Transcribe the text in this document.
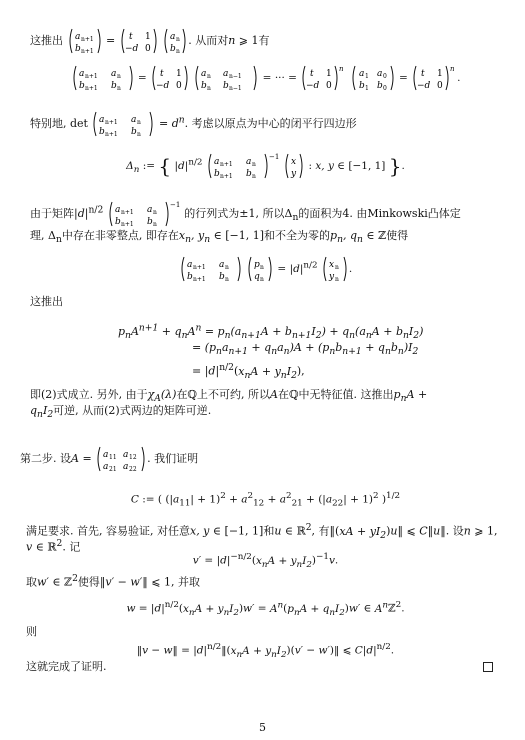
这推出 a n+1
b n+1
= t 1
−d 0

a n
b n
. 从而对n ⩾ 1有
a n+1 a n
b n+1 b n
= t 1
−d 0

a n a n−1
b n b n−1
= ··· = t 1
−d 0
n
a 1 a 0
b 1 b 0
= t 1
−d 0
n
.
特别地, det a n+1 a n
b n+1 b n
= $d^n$. 考虑以原点为中心的闭平行四边形
$\Delta_n$ := { $|d|^{n/2}$ a n+1 a n
b n+1 b n
−1
x
y
: x, y ∈ [−1, 1] }.
由于矩阵$|d|^{n/2}$ a n+1 a n
b n+1 b n
−1
的行列式为±1, 所以$\Delta_n$的面积为4. 由Minkowski凸体定
理, $\Delta_n$中存在非零整点, 即存在$x_n$, $y_n$ ∈ [−1, 1]和不全为零的$p_n$, $q_n$ ∈ ℤ使得
a n+1 a n
b n+1 b n

p n
q n
= $|d|^{n/2}$ x n
y n
.
这推出
$p_nA^{n+1} + q_nA^n = p_n(a_{n+1}A + b_{n+1}I_2) + q_n(a_nA + b_nI_2)$
= $(p_na_{n+1} + q_na_n)A + (p_nb_{n+1} + q_nb_n)I_2$
= $|d|^{n/2}(x_nA + y_nI_2)$,
即(2)式成立. 另外, 由于$\chi_A(\lambda)$在ℚ上不可约, 所以A在ℚ中无特征值. 这推出$p_nA$ +
$q_nI_2$可逆, 从而(2)式两边的矩阵可逆.
第二步. 设A = a 11 a 12
a 21 a 22
. 我们证明
C := ( $(|a_{11}| + 1)^2 + a^2_{12} + a^2_{21} + (|a_{22}| + 1)^2$ )$^{1/2}$
满足要求. 首先, 容易验证, 对任意x, y ∈ [−1, 1]和u ∈ ℝ$^2$, 有‖(xA + $yI_2)u‖$ ⩽ C‖u‖. 设n ⩾ 1,
v ∈ ℝ$^2$. 记
$v' = |d|^{-n/2}(x_nA + y_nI_2)^{-1}v$.
取w′ ∈ ℤ$^2$使得‖v′ − w′‖ ⩽ 1, 并取
$w = |d|^{n/2}(x_nA + y_nI_2)w' = A^n(p_nA + q_nI_2)w'$ ∈ $A^nℤ^2$.
则
‖v − w‖ = $|d|^{n/2}‖(x_nA + y_nI_2)(v'$ − w′)‖ ⩽ $C|d|^{n/2}$.
这就完成了证明.
5
